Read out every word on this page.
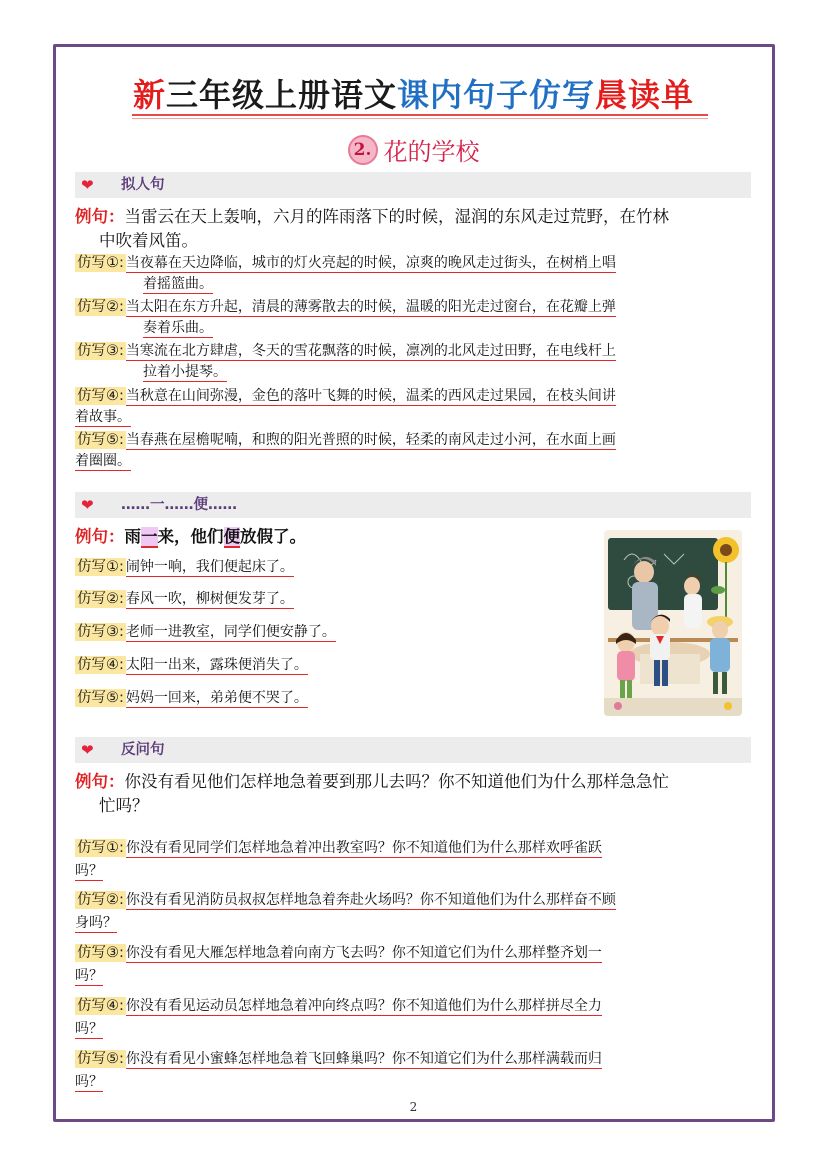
新三年级上册语文课内句子仿写晨读单
2. 花的学校
❤ 拟人句
例句：当雷云在天上轰响，六月的阵雨落下的时候，湿润的东风走过荒野，在竹林
中吹着风笛。
仿写①: 当夜幕在天边降临，城市的灯火亮起的时候，凉爽的晚风走过街头，在树梢上唱
着摇篮曲。
仿写②: 当太阳在东方升起，清晨的薄雾散去的时候，温暖的阳光走过窗台，在花瓣上弹
奏着乐曲。
仿写③: 当寒流在北方肆虐，冬天的雪花飘落的时候，凛冽的北风走过田野，在电线杆上
拉着小提琴。
仿写④: 当秋意在山间弥漫，金色的落叶飞舞的时候，温柔的西风走过果园，在枝头间讲
着故事。
仿写⑤: 当春燕在屋檐呢喃，和煦的阳光普照的时候，轻柔的南风走过小河，在水面上画
着圈圈。
❤ ……一……便……
例句：雨一来，他们便放假了。
仿写①: 闹钟一响，我们便起床了。
仿写②: 春风一吹，柳树便发芽了。
仿写③: 老师一进教室，同学们便安静了。
仿写④: 太阳一出来，露珠便消失了。
仿写⑤: 妈妈一回来，弟弟便不哭了。
❤ 反问句
例句：你没有看见他们怎样地急着要到那儿去吗？你不知道他们为什么那样急急忙
忙吗？
仿写①: 你没有看见同学们怎样地急着冲出教室吗？你不知道他们为什么那样欢呼雀跃
吗？
仿写②: 你没有看见消防员叔叔怎样地急着奔赴火场吗？你不知道他们为什么那样奋不顾
身吗？
仿写③: 你没有看见大雁怎样地急着向南方飞去吗？你不知道它们为什么那样整齐划一
吗？
仿写④: 你没有看见运动员怎样地急着冲向终点吗？你不知道他们为什么那样拼尽全力
吗？
仿写⑤: 你没有看见小蜜蜂怎样地急着飞回蜂巢吗？你不知道它们为什么那样满载而归
吗？
2
